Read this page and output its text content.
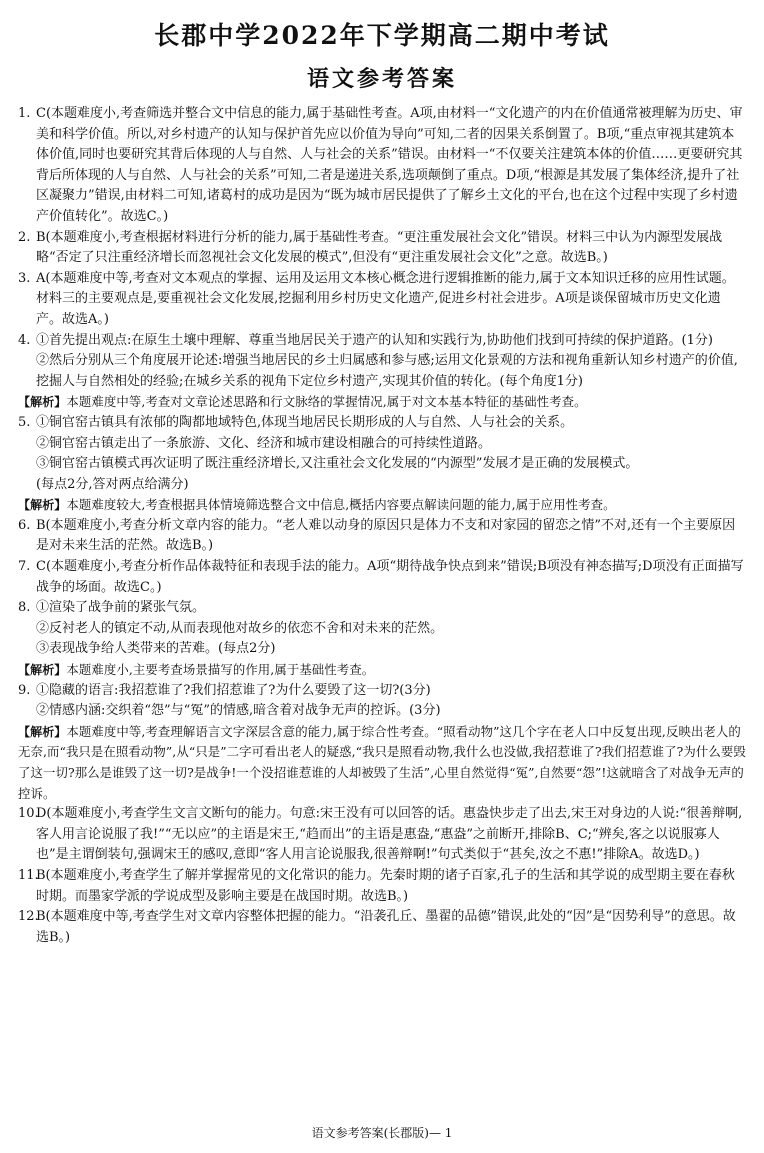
长郡中学2022年下学期高二期中考试
语文参考答案
1. C(本题难度小,考查筛选并整合文中信息的能力,属于基础性考查。A项,由材料一“文化遗产的内在价值通常被理解为历史、审美和科学价值。所以,对乡村遗产的认知与保护首先应以价值为导向”可知,二者的因果关系倒置了。B项,“重点审视其建筑本体价值,同时也要研究其背后体现的人与自然、人与社会的关系”错误。由材料一“不仅要关注建筑本体的价值……更要研究其背后所体现的人与自然、人与社会的关系”可知,二者是递进关系,选项颠倒了重点。D项,“根源是其发展了集体经济,提升了社区凝聚力”错误,由材料二可知,诸葛村的成功是因为“既为城市居民提供了了解乡土文化的平台,也在这个过程中实现了乡村遗产价值转化”。故选C。)
2. B(本题难度小,考查根据材料进行分析的能力,属于基础性考查。“更注重发展社会文化”错误。材料三中认为内源型发展战略“否定了只注重经济增长而忽视社会文化发展的模式”,但没有“更注重发展社会文化”之意。故选B。)
3. A(本题难度中等,考查对文本观点的掌握、运用及运用文本核心概念进行逻辑推断的能力,属于文本知识迁移的应用性试题。材料三的主要观点是,要重视社会文化发展,挖掘利用乡村历史文化遗产,促进乡村社会进步。A项是谈保留城市历史文化遗产。故选A。)
4. ①首先提出观点:在原生土壤中理解、尊重当地居民关于遗产的认知和实践行为,协助他们找到可持续的保护道路。(1分)
②然后分别从三个角度展开论述:增强当地居民的乡土归属感和参与感;运用文化景观的方法和视角重新认知乡村遗产的价值,挖掘人与自然相处的经验;在城乡关系的视角下定位乡村遗产,实现其价值的转化。(每个角度1分)
【解析】本题难度中等,考查对文章论述思路和行文脉络的掌握情况,属于对文本基本特征的基础性考查。
5. ①铜官窑古镇具有浓郁的陶都地域特色,体现当地居民长期形成的人与自然、人与社会的关系。
②铜官窑古镇走出了一条旅游、文化、经济和城市建设相融合的可持续性道路。
③铜官窑古镇模式再次证明了既注重经济增长,又注重社会文化发展的“内源型”发展才是正确的发展模式。
(每点2分,答对两点给满分)
【解析】本题难度较大,考查根据具体情境筛选整合文中信息,概括内容要点解读问题的能力,属于应用性考查。
6. B(本题难度小,考查分析文章内容的能力。“老人难以动身的原因只是体力不支和对家园的留恋之情”不对,还有一个主要原因是对未来生活的茫然。故选B。)
7. C(本题难度小,考查分析作品体裁特征和表现手法的能力。A项“期待战争快点到来”错误;B项没有神态描写;D项没有正面描写战争的场面。故选C。)
8. ①渲染了战争前的紧张气氛。
②反衬老人的镇定不动,从而表现他对故乡的依恋不舍和对未来的茫然。
③表现战争给人类带来的苦难。(每点2分)
【解析】本题难度小,主要考查场景描写的作用,属于基础性考查。
9. ①隐藏的语言:我招惹谁了?我们招惹谁了?为什么要毁了这一切?(3分)
②情感内涵:交织着“怨”与“冤”的情感,暗含着对战争无声的控诉。(3分)
【解析】本题难度中等,考查理解语言文字深层含意的能力,属于综合性考查。“照看动物”这几个字在老人口中反复出现,反映出老人的无奈,而“我只是在照看动物”,从“只是”二字可看出老人的疑惑,“我只是照看动物,我什么也没做,我招惹谁了?我们招惹谁了?为什么要毁了这一切?那么是谁毁了这一切?是战争!一个没招谁惹谁的人却被毁了生活”,心里自然觉得“冤”,自然要“怨”!这就暗含了对战争无声的控诉。
10.
D(本题难度小,考查学生文言文断句的能力。句意:宋王没有可以回答的话。惠盎快步走了出去,宋王对身边的人说:“很善辩啊,客人用言论说服了我!”“无以应”的主语是宋王,“趋而出”的主语是惠盎,“惠盎”之前断开,排除B、C;“辨矣,客之以说服寡人也”是主谓倒装句,强调宋王的感叹,意即“客人用言论说服我,很善辩啊!”句式类似于“甚矣,汝之不惠!”排除A。故选D。)
11.
B(本题难度小,考查学生了解并掌握常见的文化常识的能力。先秦时期的诸子百家,孔子的生活和其学说的成型期主要在春秋时期。而墨家学派的学说成型及影响主要是在战国时期。故选B。)
12.
B(本题难度中等,考查学生对文章内容整体把握的能力。“沿袭孔丘、墨翟的品德”错误,此处的“因”是“因势利导”的意思。故选B。)
语文参考答案(长郡版)— 1
